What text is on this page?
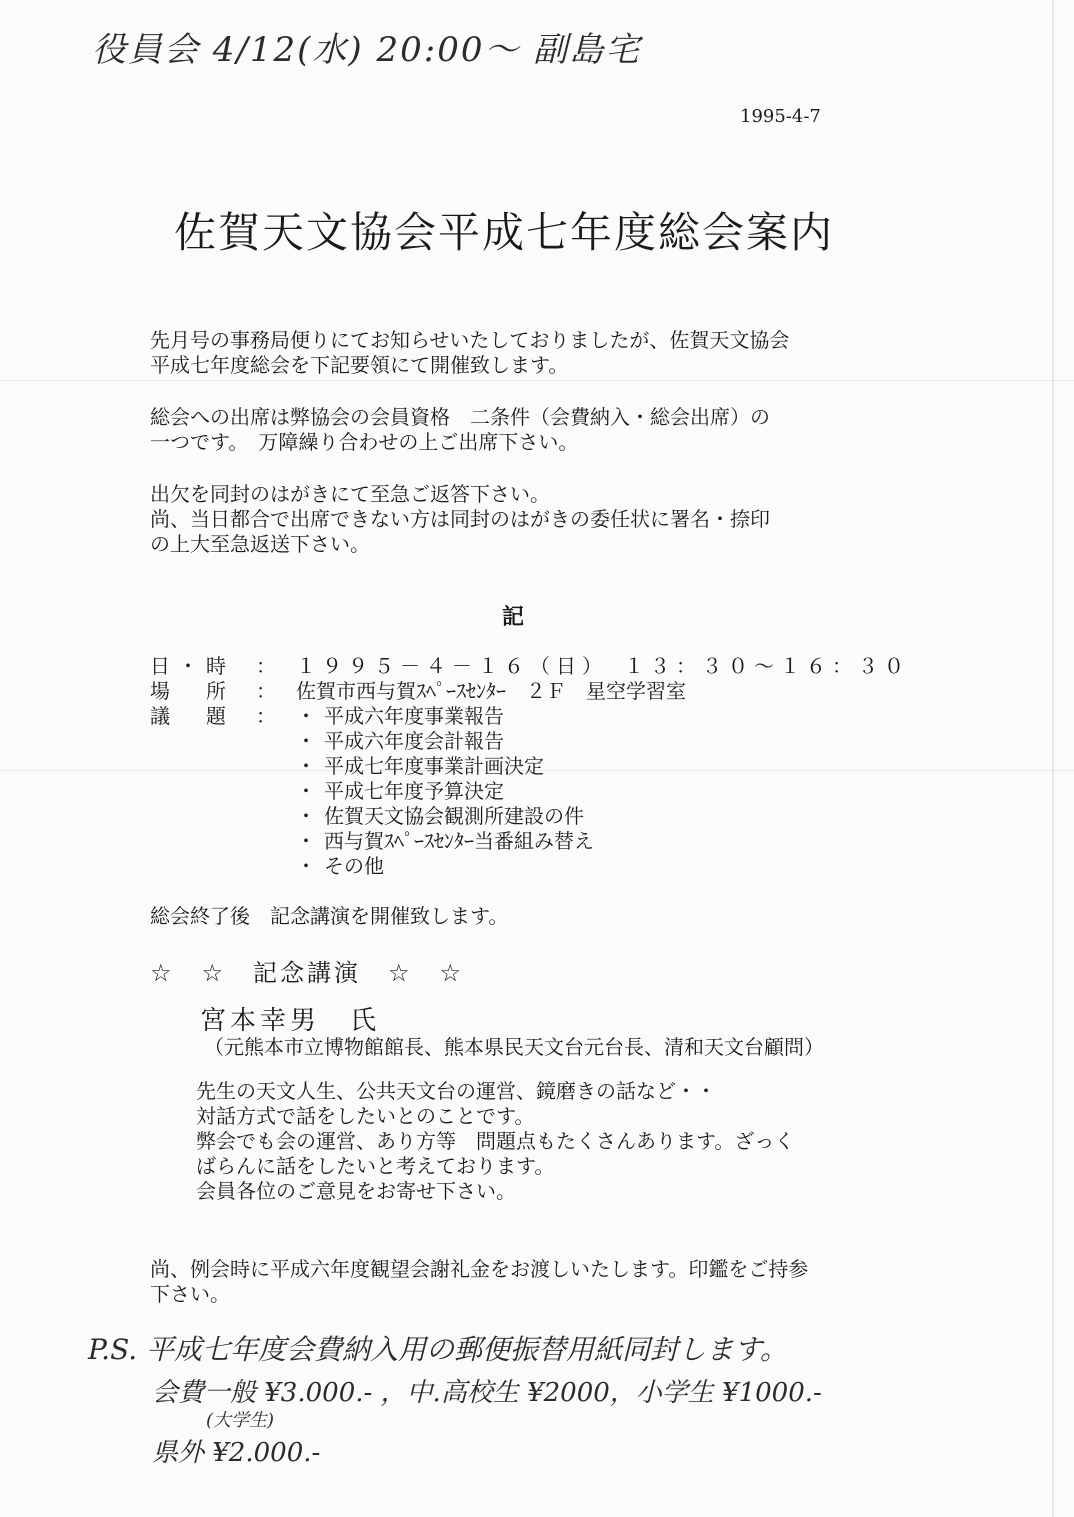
役員会 4/12(水) 20:00～ 副島宅
1995-4-7
佐賀天文協会平成七年度総会案内
先月号の事務局便りにてお知らせいたしておりましたが、佐賀天文協会
平成七年度総会を下記要領にて開催致します。
総会への出席は弊協会の会員資格　二条件（会費納入・総会出席）の
一つです。　万障繰り合わせの上ご出席下さい。
出欠を同封のはがきにて至急ご返答下さい。
尚、当日都合で出席できない方は同封のはがきの委任状に署名・捺印
の上大至急返送下さい。
記
日・時	： １９９５－４－１６（日）　１３：３０～１６：３０
場　所	： 佐賀市西与賀ｽﾍﾟｰｽｾﾝﾀｰ　２Ｆ　星空学習室
議　題	： ・ 平成六年度事業報告
・ 平成六年度会計報告
・ 平成七年度事業計画決定
・ 平成七年度予算決定
・ 佐賀天文協会観測所建設の件
・ 西与賀ｽﾍﾟｰｽｾﾝﾀｰ当番組み替え
・ その他
総会終了後　記念講演を開催致します。
☆　☆　記念講演　☆　☆
宮本幸男　氏
（元熊本市立博物館館長、熊本県民天文台元台長、清和天文台顧問）
先生の天文人生、公共天文台の運営、鏡磨きの話など・・
対話方式で話をしたいとのことです。
弊会でも会の運営、あり方等　問題点もたくさんあります。ざっく
ばらんに話をしたいと考えております。
会員各位のご意見をお寄せ下さい。
尚、例会時に平成六年度観望会謝礼金をお渡しいたします。印鑑をご持参
下さい。
P.S. 平成七年度会費納入用の郵便振替用紙同封します。
会費一般 ¥3.000.- ，中.高校生 ¥2000，小学生 ¥1000.-
(大学生)
県外 ¥2.000.-
